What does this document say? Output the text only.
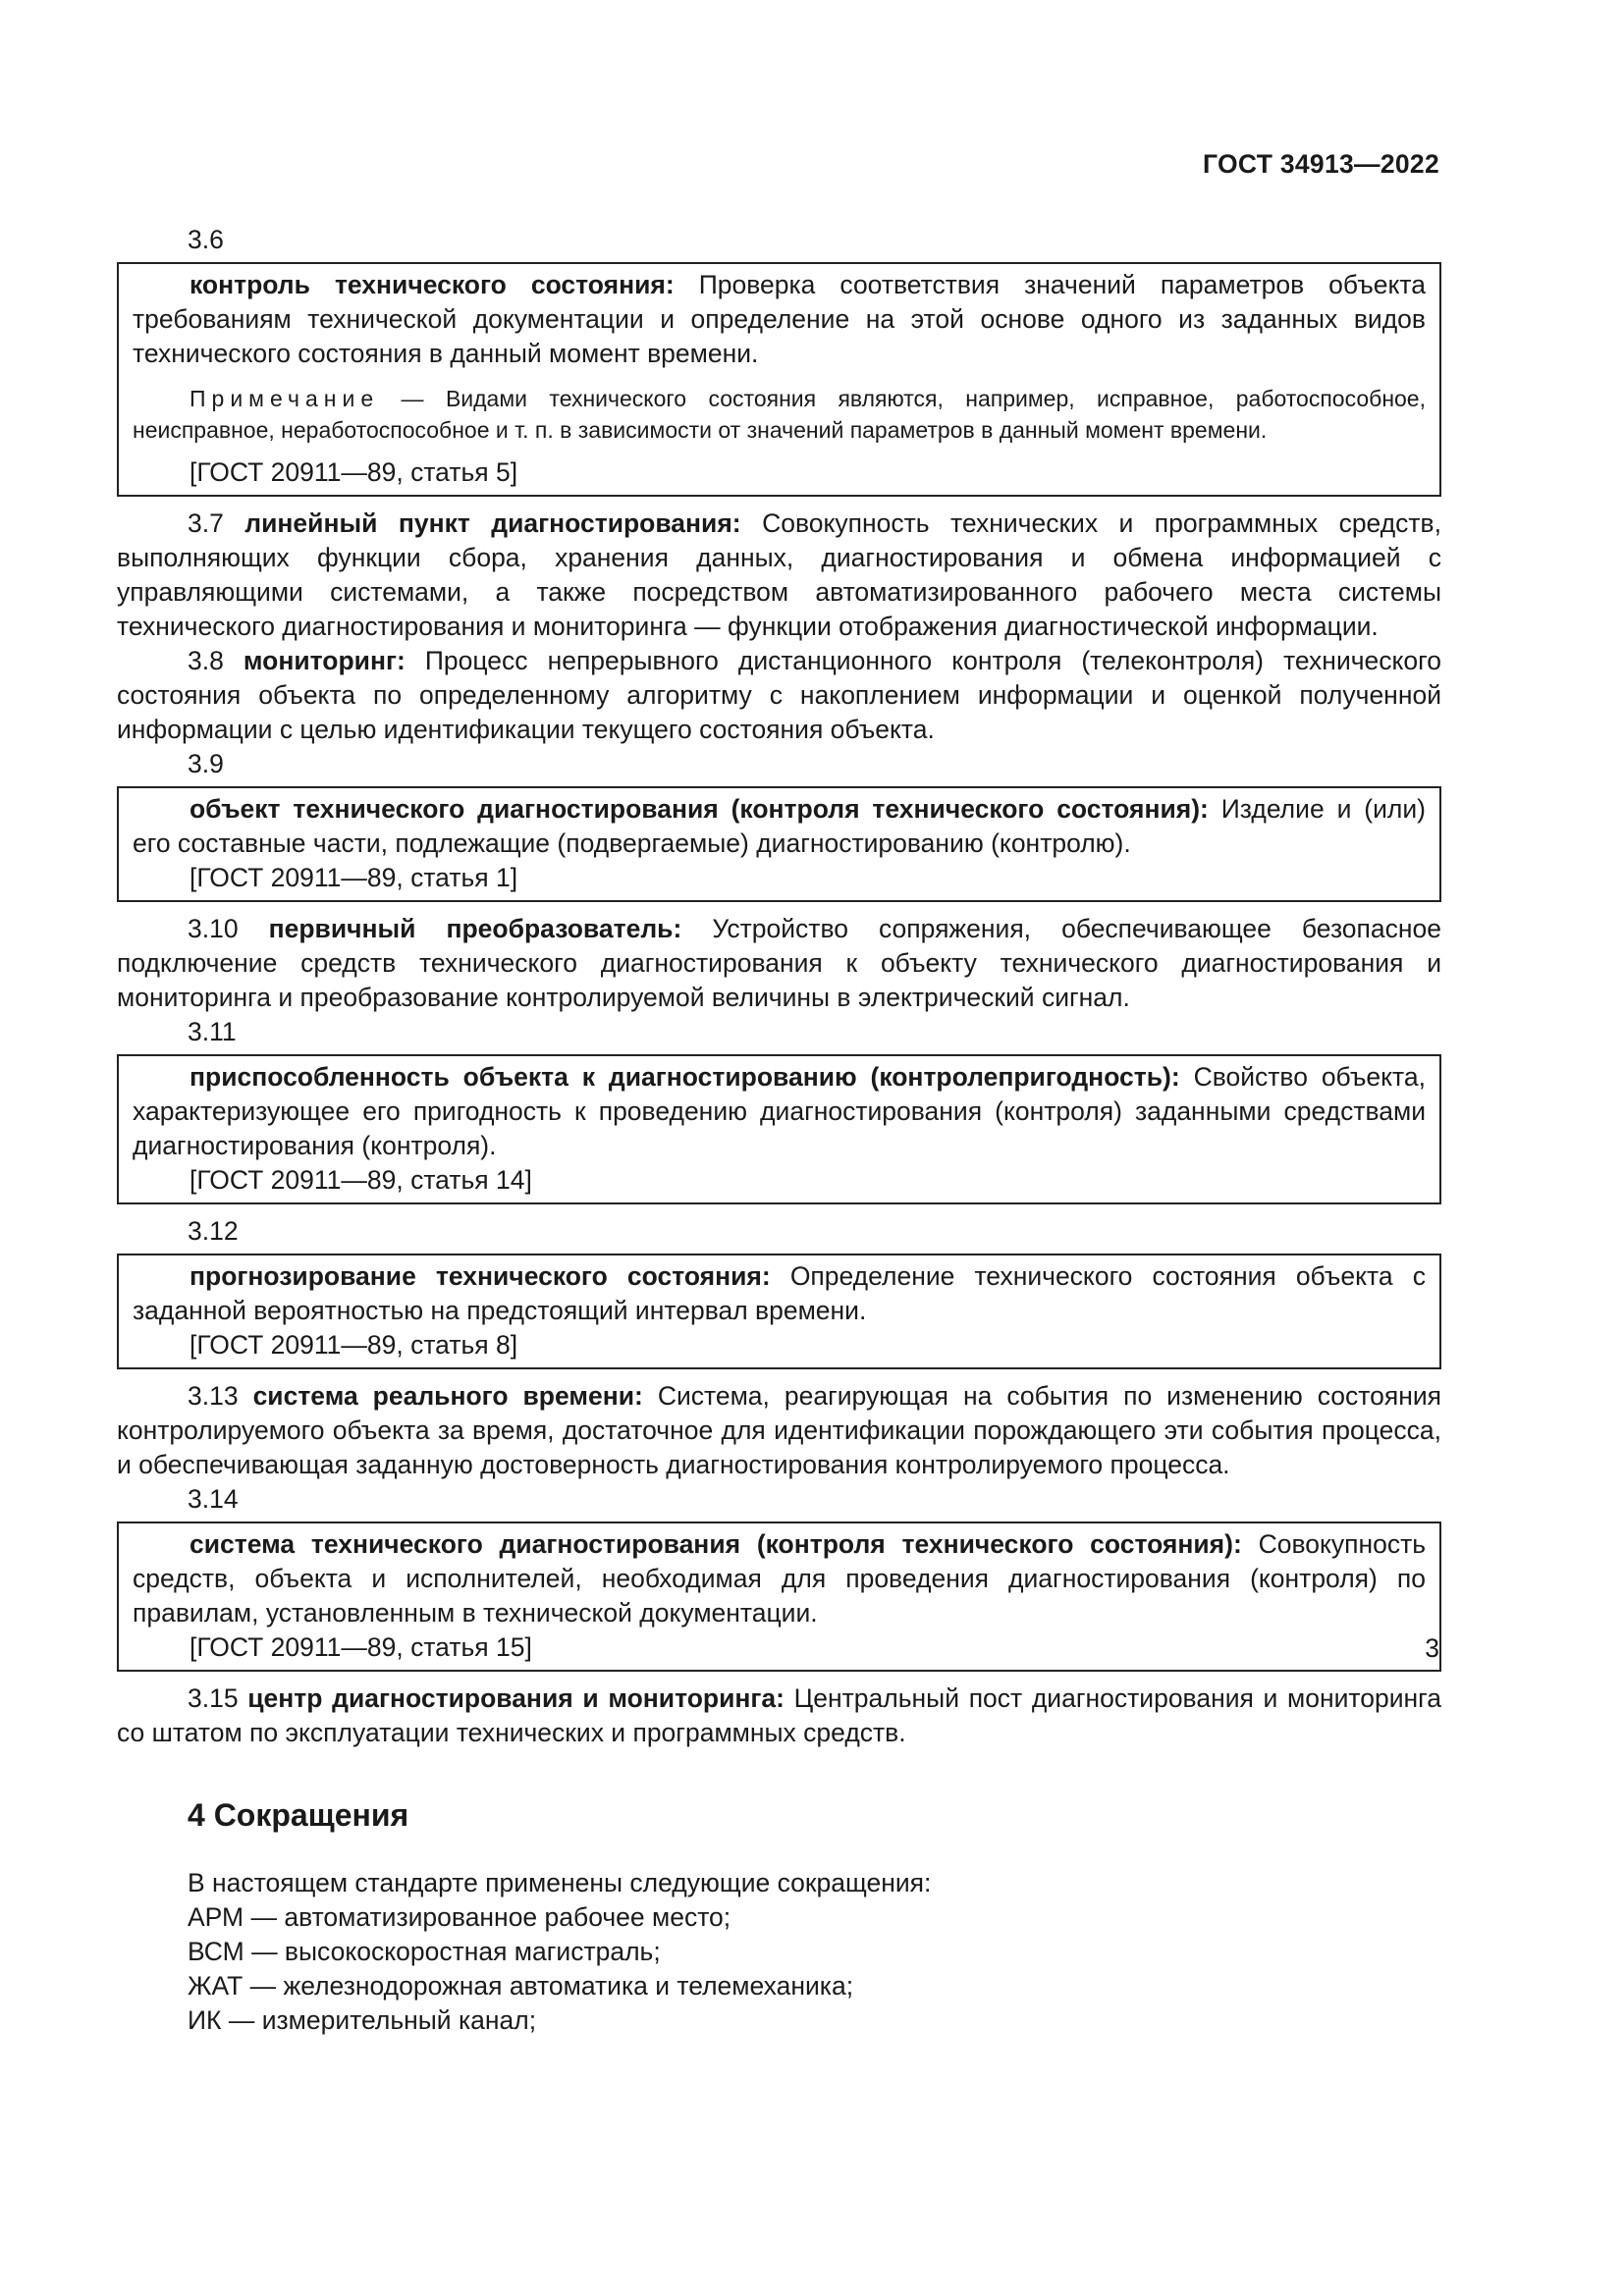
ГОСТ 34913—2022
3.6

контроль технического состояния: Проверка соответствия значений параметров объекта требованиям технической документации и определение на этой основе одного из заданных видов технического состояния в данный момент времени.

Примечание — Видами технического состояния являются, например, исправное, работоспособное, неисправное, неработоспособное и т. п. в зависимости от значений параметров в данный момент времени.

[ГОСТ 20911—89, статья 5]

3.7 линейный пункт диагностирования: Совокупность технических и программных средств, выполняющих функции сбора, хранения данных, диагностирования и обмена информацией с управляющими системами, а также посредством автоматизированного рабочего места системы технического диагностирования и мониторинга — функции отображения диагностической информации.

3.8 мониторинг: Процесс непрерывного дистанционного контроля (телеконтроля) технического состояния объекта по определенному алгоритму с накоплением информации и оценкой полученной информации с целью идентификации текущего состояния объекта.

3.9

объект технического диагностирования (контроля технического состояния): Изделие и (или) его составные части, подлежащие (подвергаемые) диагностированию (контролю).

[ГОСТ 20911—89, статья 1]

3.10 первичный преобразователь: Устройство сопряжения, обеспечивающее безопасное подключение средств технического диагностирования к объекту технического диагностирования и мониторинга и преобразование контролируемой величины в электрический сигнал.

3.11

приспособленность объекта к диагностированию (контролепригодность): Свойство объекта, характеризующее его пригодность к проведению диагностирования (контроля) заданными средствами диагностирования (контроля).

[ГОСТ 20911—89, статья 14]

3.12

прогнозирование технического состояния: Определение технического состояния объекта с заданной вероятностью на предстоящий интервал времени.

[ГОСТ 20911—89, статья 8]

3.13 система реального времени: Система, реагирующая на события по изменению состояния контролируемого объекта за время, достаточное для идентификации порождающего эти события процесса, и обеспечивающая заданную достоверность диагностирования контролируемого процесса.

3.14

система технического диагностирования (контроля технического состояния): Совокупность средств, объекта и исполнителей, необходимая для проведения диагностирования (контроля) по правилам, установленным в технической документации.

[ГОСТ 20911—89, статья 15]

3.15 центр диагностирования и мониторинга: Центральный пост диагностирования и мониторинга со штатом по эксплуатации технических и программных средств.

4 Сокращения

В настоящем стандарте применены следующие сокращения:

АРМ — автоматизированное рабочее место;

ВСМ — высокоскоростная магистраль;

ЖАТ — железнодорожная автоматика и телемеханика;

ИК — измерительный канал;

3
